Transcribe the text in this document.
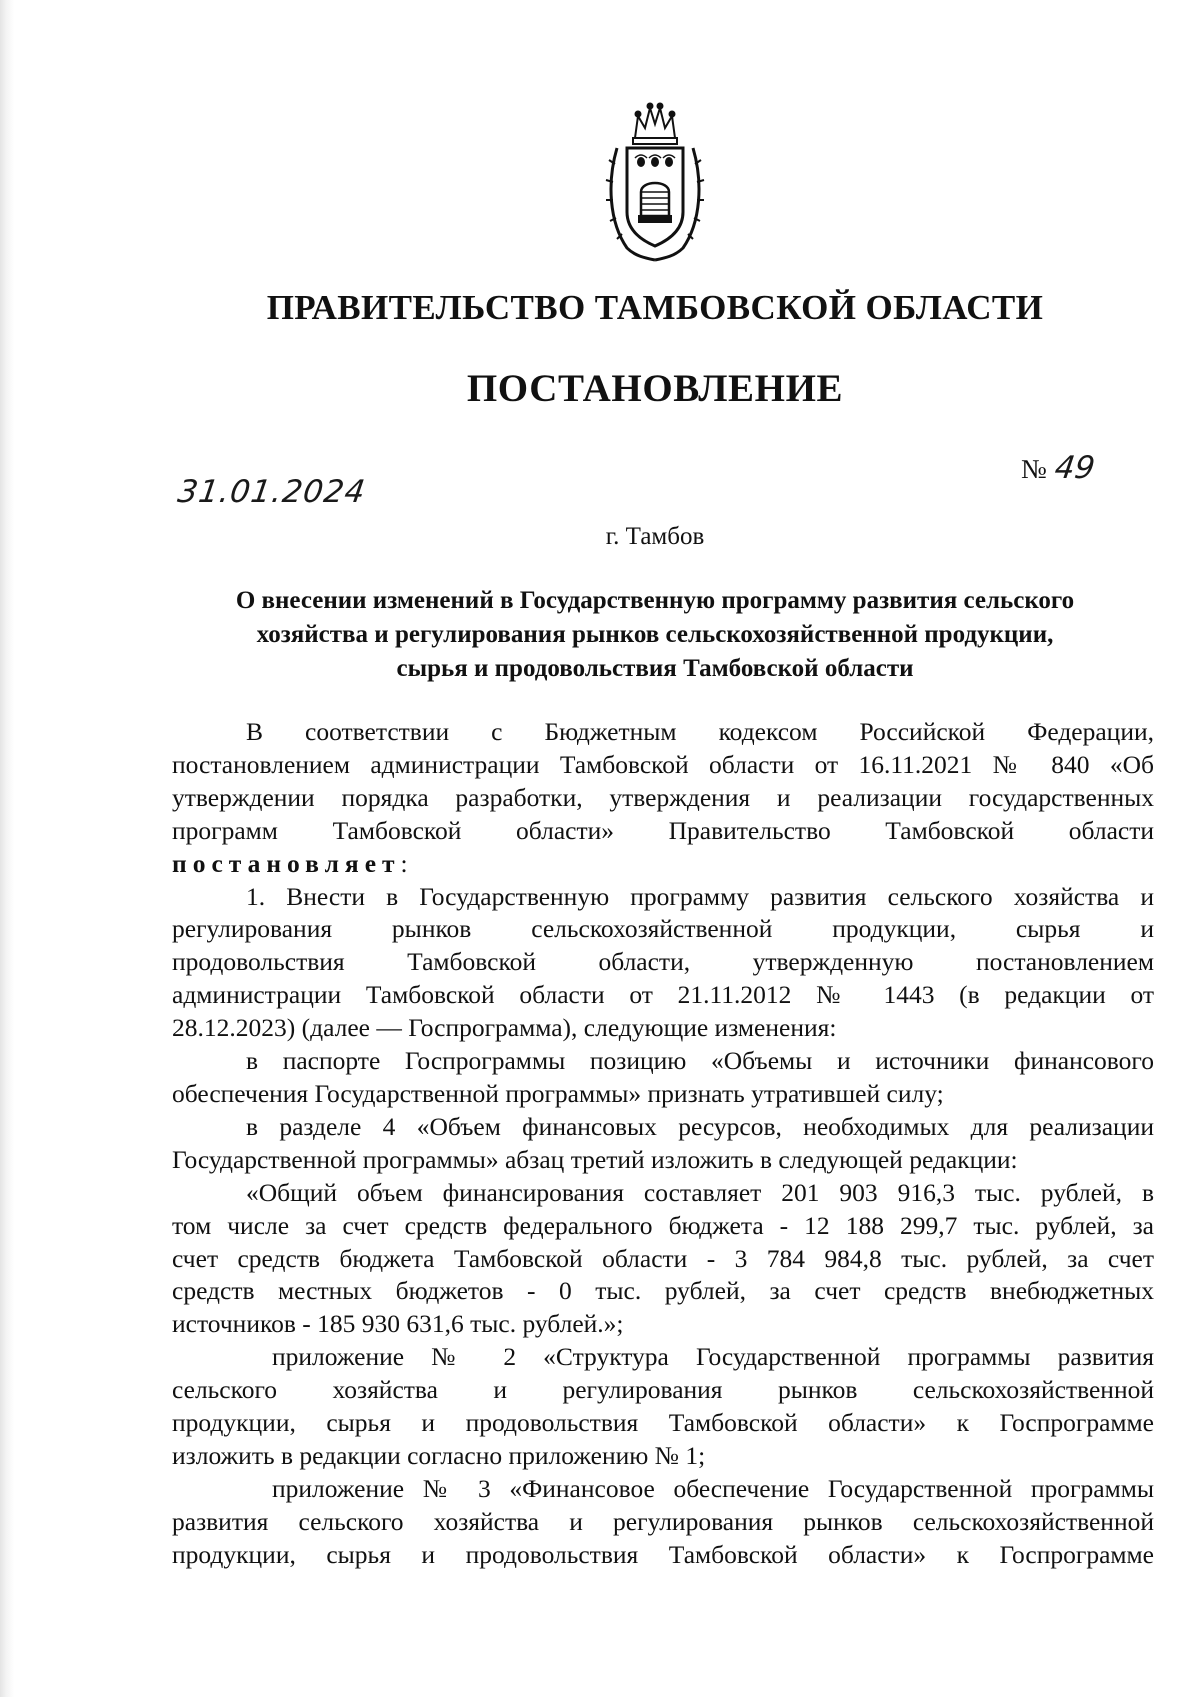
ПРАВИТЕЛЬСТВО ТАМБОВСКОЙ ОБЛАСТИ
ПОСТАНОВЛЕНИЕ
31.01.2024
№ 49
г. Тамбов
О внесении изменений в Государственную программу развития сельского
хозяйства и регулирования рынков сельскохозяйственной продукции,
сырья и продовольствия Тамбовской области
В соответствии с Бюджетным кодексом Российской Федерации,
постановлением администрации Тамбовской области от 16.11.2021 № 840 «Об
утверждении порядка разработки, утверждения и реализации государственных
программ Тамбовской области» Правительство Тамбовской области
постановляет:
1. Внести в Государственную программу развития сельского хозяйства и
регулирования рынков сельскохозяйственной продукции, сырья и
продовольствия Тамбовской области, утвержденную постановлением
администрации Тамбовской области от 21.11.2012 № 1443 (в редакции от
28.12.2023) (далее — Госпрограмма), следующие изменения:
в паспорте Госпрограммы позицию «Объемы и источники финансового
обеспечения Государственной программы» признать утратившей силу;
в разделе 4 «Объем финансовых ресурсов, необходимых для реализации
Государственной программы» абзац третий изложить в следующей редакции:
«Общий объем финансирования составляет 201 903 916,3 тыс. рублей, в
том числе за счет средств федерального бюджета - 12 188 299,7 тыс. рублей, за
счет средств бюджета Тамбовской области - 3 784 984,8 тыс. рублей, за счет
средств местных бюджетов - 0 тыс. рублей, за счет средств внебюджетных
источников - 185 930 631,6 тыс. рублей.»;
приложение № 2 «Структура Государственной программы развития
сельского хозяйства и регулирования рынков сельскохозяйственной
продукции, сырья и продовольствия Тамбовской области» к Госпрограмме
изложить в редакции согласно приложению № 1;
приложение № 3 «Финансовое обеспечение Государственной программы
развития сельского хозяйства и регулирования рынков сельскохозяйственной
продукции, сырья и продовольствия Тамбовской области» к Госпрограмме
